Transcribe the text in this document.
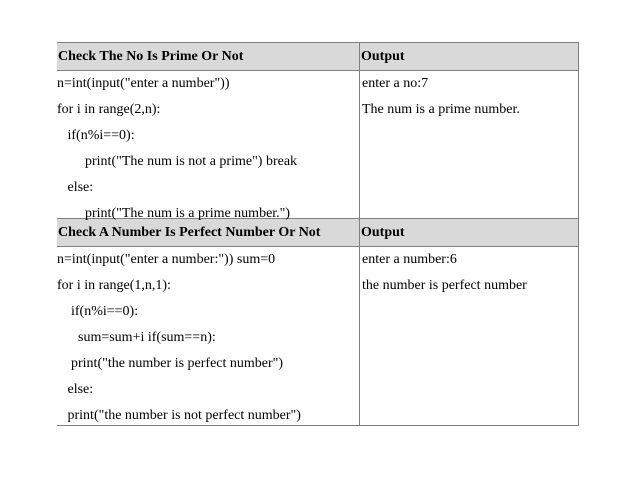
Check The No Is Prime Or Not	Output
n=int(input("enter a number"))
for i in range(2,n):
if(n%i==0):
print("The num is not a prime") break
else:
print("The num is a prime number.")
enter a no:7
The num is a prime number.
Check A Number Is Perfect Number Or Not	Output
n=int(input("enter a number:")) sum=0
for i in range(1,n,1):
if(n%i==0):
sum=sum+i if(sum==n):
print("the number is perfect number")
else:
print("the number is not perfect number")
enter a number:6
the number is perfect number
